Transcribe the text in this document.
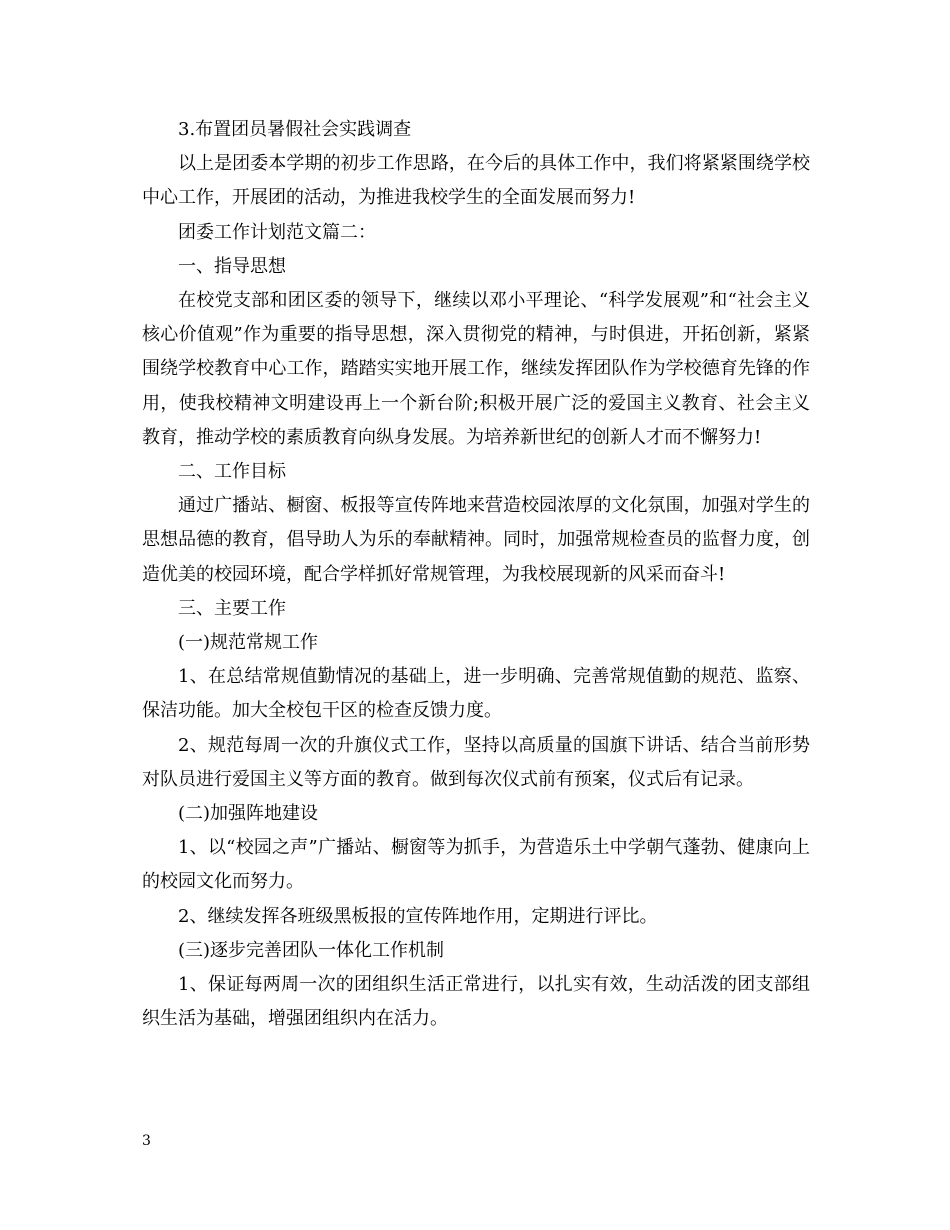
3.布置团员暑假社会实践调查

以上是团委本学期的初步工作思路，在今后的具体工作中，我们将紧紧围绕学校中心工作，开展团的活动，为推进我校学生的全面发展而努力!

团委工作计划范文篇二：

一、指导思想

在校党支部和团区委的领导下，继续以邓小平理论、“科学发展观”和“社会主义核心价值观”作为重要的指导思想，深入贯彻党的精神，与时俱进，开拓创新，紧紧围绕学校教育中心工作，踏踏实实地开展工作，继续发挥团队作为学校德育先锋的作用，使我校精神文明建设再上一个新台阶;积极开展广泛的爱国主义教育、社会主义教育，推动学校的素质教育向纵身发展。为培养新世纪的创新人才而不懈努力!

二、工作目标

通过广播站、橱窗、板报等宣传阵地来营造校园浓厚的文化氛围，加强对学生的思想品德的教育，倡导助人为乐的奉献精神。同时，加强常规检查员的监督力度，创造优美的校园环境，配合学样抓好常规管理，为我校展现新的风采而奋斗!

三、主要工作

(一)规范常规工作

1、在总结常规值勤情况的基础上，进一步明确、完善常规值勤的规范、监察、保洁功能。加大全校包干区的检查反馈力度。

2、规范每周一次的升旗仪式工作，坚持以高质量的国旗下讲话、结合当前形势对队员进行爱国主义等方面的教育。做到每次仪式前有预案，仪式后有记录。

(二)加强阵地建设

1、以“校园之声”广播站、橱窗等为抓手，为营造乐土中学朝气蓬勃、健康向上的校园文化而努力。

2、继续发挥各班级黑板报的宣传阵地作用，定期进行评比。

(三)逐步完善团队一体化工作机制

1、保证每两周一次的团组织生活正常进行，以扎实有效，生动活泼的团支部组织生活为基础，增强团组织内在活力。

3
